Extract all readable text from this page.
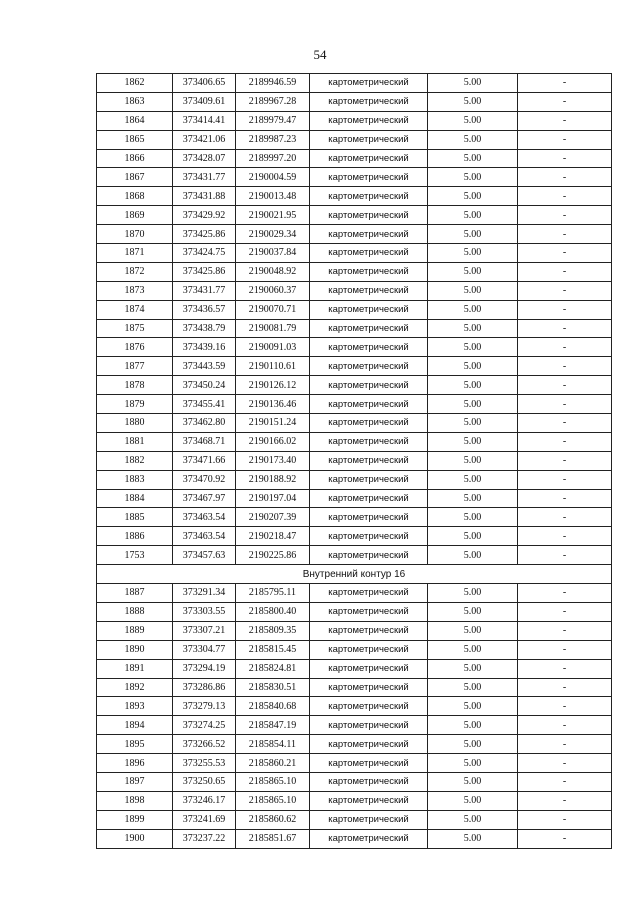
54
1862	373406.65	2189946.59	картометрический	5.00	-
1863	373409.61	2189967.28	картометрический	5.00	-
1864	373414.41	2189979.47	картометрический	5.00	-
1865	373421.06	2189987.23	картометрический	5.00	-
1866	373428.07	2189997.20	картометрический	5.00	-
1867	373431.77	2190004.59	картометрический	5.00	-
1868	373431.88	2190013.48	картометрический	5.00	-
1869	373429.92	2190021.95	картометрический	5.00	-
1870	373425.86	2190029.34	картометрический	5.00	-
1871	373424.75	2190037.84	картометрический	5.00	-
1872	373425.86	2190048.92	картометрический	5.00	-
1873	373431.77	2190060.37	картометрический	5.00	-
1874	373436.57	2190070.71	картометрический	5.00	-
1875	373438.79	2190081.79	картометрический	5.00	-
1876	373439.16	2190091.03	картометрический	5.00	-
1877	373443.59	2190110.61	картометрический	5.00	-
1878	373450.24	2190126.12	картометрический	5.00	-
1879	373455.41	2190136.46	картометрический	5.00	-
1880	373462.80	2190151.24	картометрический	5.00	-
1881	373468.71	2190166.02	картометрический	5.00	-
1882	373471.66	2190173.40	картометрический	5.00	-
1883	373470.92	2190188.92	картометрический	5.00	-
1884	373467.97	2190197.04	картометрический	5.00	-
1885	373463.54	2190207.39	картометрический	5.00	-
1886	373463.54	2190218.47	картометрический	5.00	-
1753	373457.63	2190225.86	картометрический	5.00	-
Внутренний контур 16					
1887	373291.34	2185795.11	картометрический	5.00	-
1888	373303.55	2185800.40	картометрический	5.00	-
1889	373307.21	2185809.35	картометрический	5.00	-
1890	373304.77	2185815.45	картометрический	5.00	-
1891	373294.19	2185824.81	картометрический	5.00	-
1892	373286.86	2185830.51	картометрический	5.00	-
1893	373279.13	2185840.68	картометрический	5.00	-
1894	373274.25	2185847.19	картометрический	5.00	-
1895	373266.52	2185854.11	картометрический	5.00	-
1896	373255.53	2185860.21	картометрический	5.00	-
1897	373250.65	2185865.10	картометрический	5.00	-
1898	373246.17	2185865.10	картометрический	5.00	-
1899	373241.69	2185860.62	картометрический	5.00	-
1900	373237.22	2185851.67	картометрический	5.00	-
